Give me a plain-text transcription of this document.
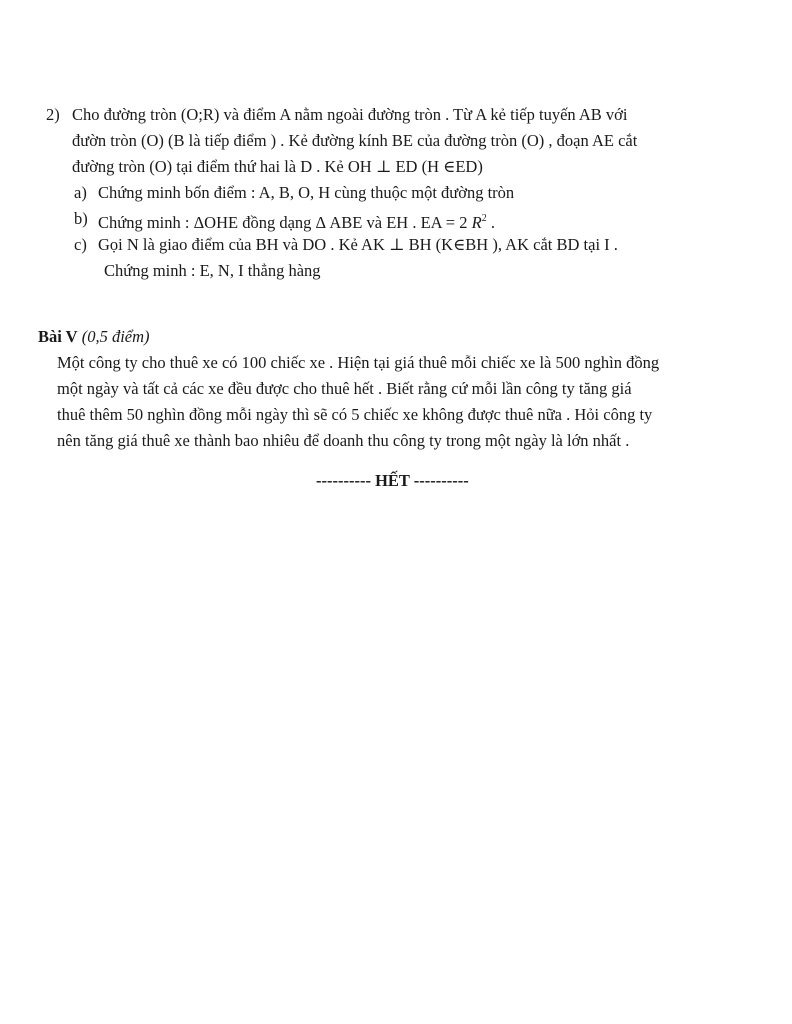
2) Cho đường tròn (O;R) và điểm A nằm ngoài đường tròn . Từ A kẻ tiếp tuyến AB với
đườn tròn (O) (B là tiếp điểm ) . Kẻ đường kính BE của đường tròn (O) , đoạn AE cắt
đường tròn (O) tại điểm thứ hai là D . Kẻ OH ⊥ ED (H ∈ED)
a) Chứng minh bốn điểm : A, B, O, H cùng thuộc một đường tròn
b) Chứng minh : ΔOHE đồng dạng Δ ABE và EH . EA = 2 $R^2$ .
c) Gọi N là giao điểm của BH và DO . Kẻ AK ⊥ BH (K∈BH ), AK cắt BD tại I .
Chứng minh : E, N, I thẳng hàng
Bài V (0,5 điểm)
Một công ty cho thuê xe có 100 chiếc xe . Hiện tại giá thuê mỗi chiếc xe là 500 nghìn đồng
một ngày và tất cả các xe đều được cho thuê hết . Biết rằng cứ mỗi lần công ty tăng giá
thuê thêm 50 nghìn đồng mỗi ngày thì sẽ có 5 chiếc xe không được thuê nữa . Hỏi công ty
nên tăng giá thuê xe thành bao nhiêu để doanh thu công ty trong một ngày là lớn nhất .
---------- HẾT ----------
